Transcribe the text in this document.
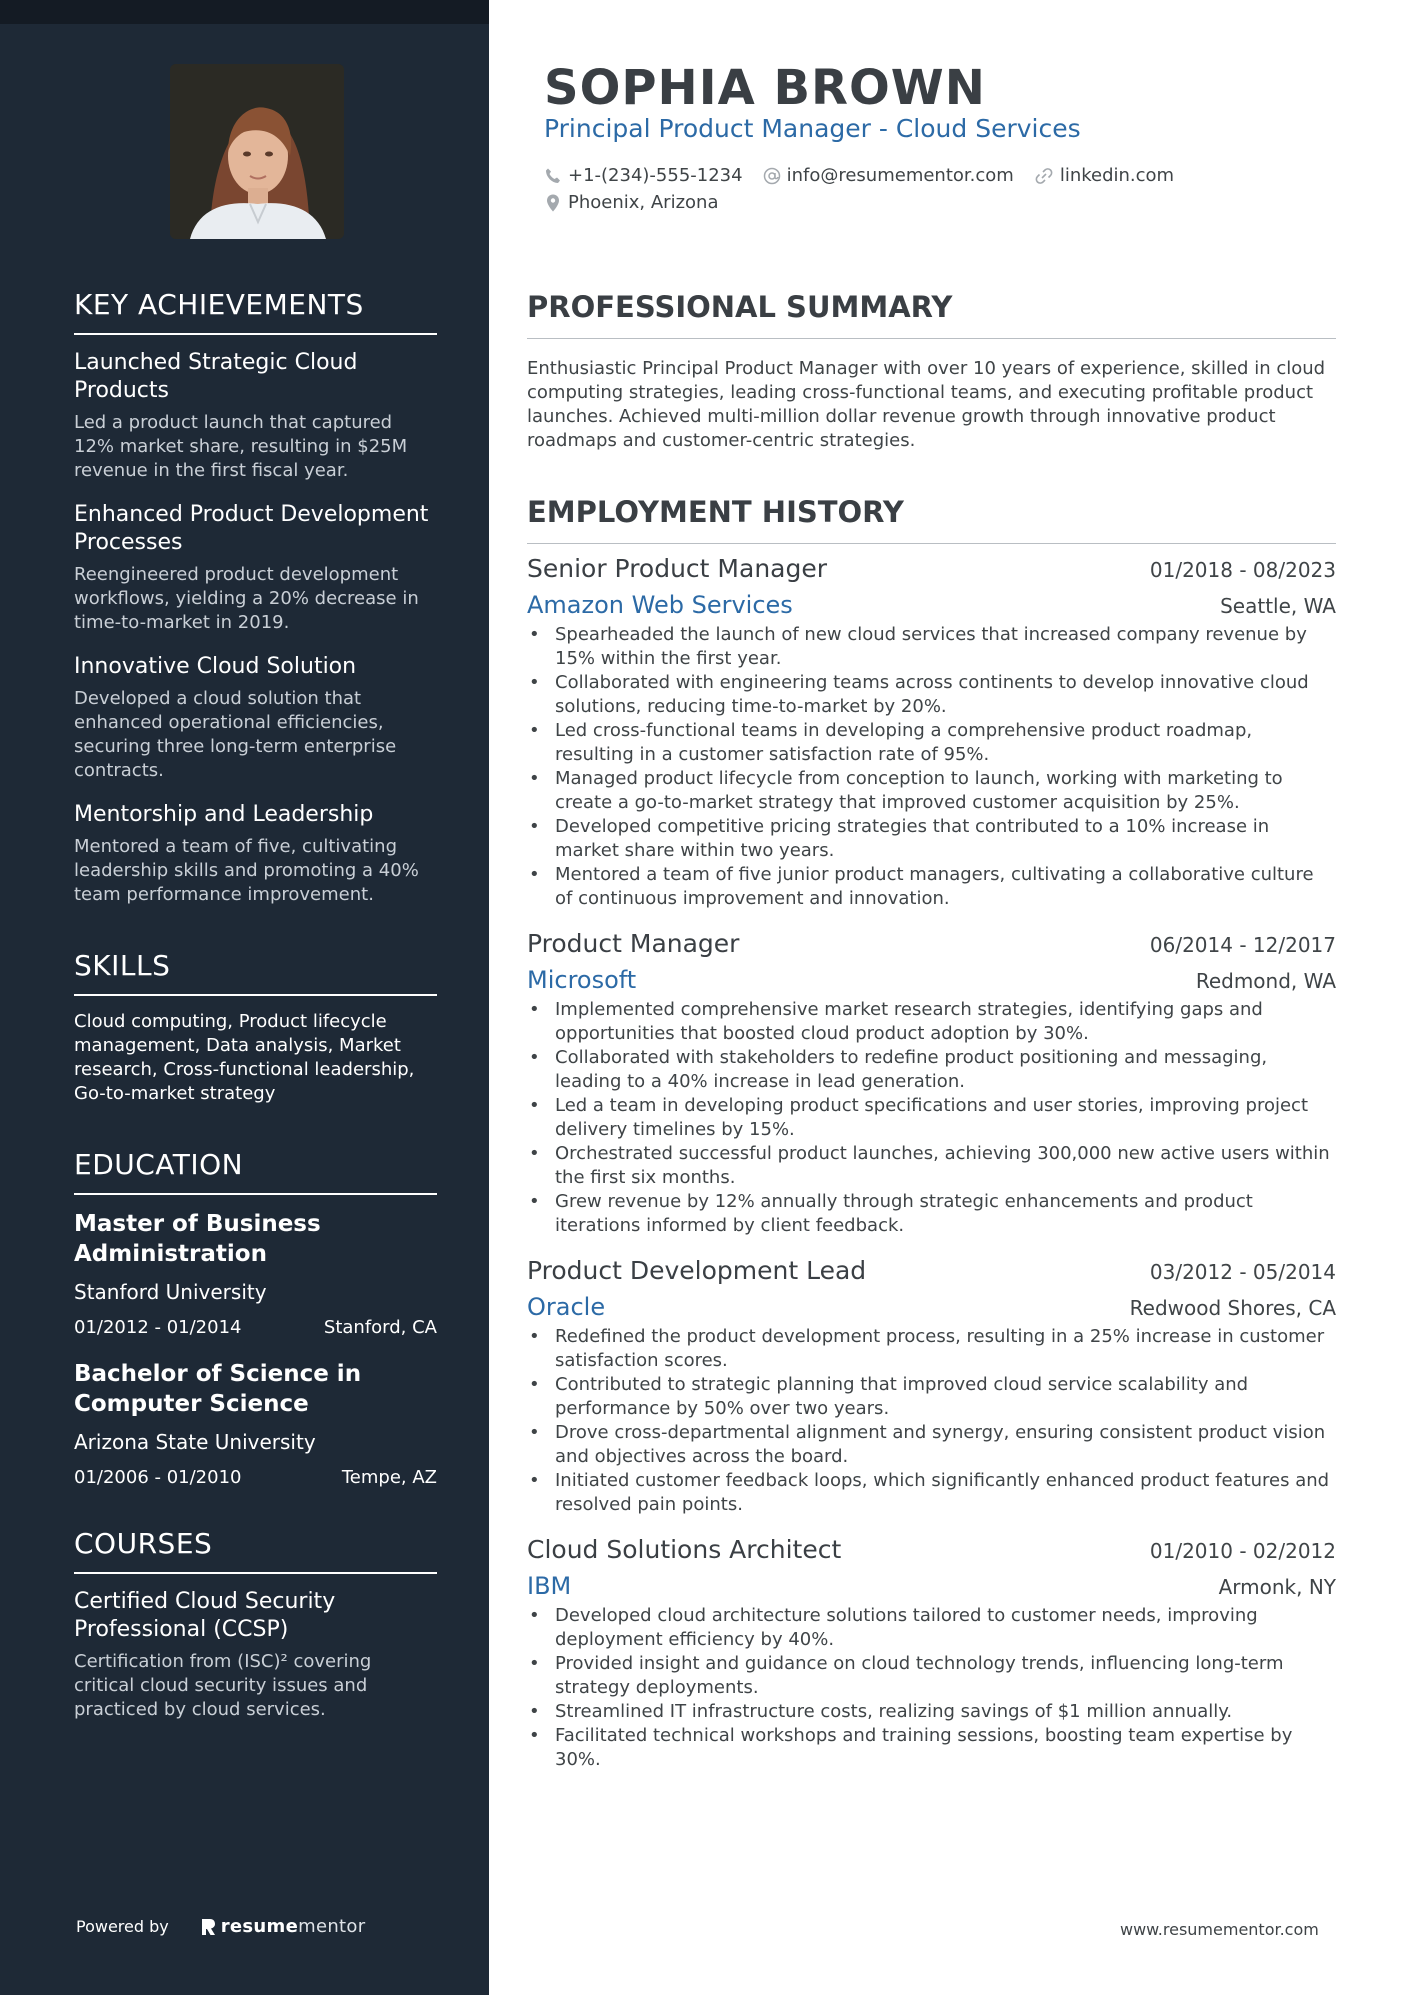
KEY ACHIEVEMENTS
Launched Strategic Cloud Products
Led a product launch that captured 12% market share, resulting in $25M revenue in the first fiscal year.
Enhanced Product Development Processes
Reengineered product development workflows, yielding a 20% decrease in time-to-market in 2019.
Innovative Cloud Solution
Developed a cloud solution that enhanced operational efficiencies, securing three long-term enterprise contracts.
Mentorship and Leadership
Mentored a team of five, cultivating leadership skills and promoting a 40% team performance improvement.
SKILLS
Cloud computing, Product lifecycle management, Data analysis, Market research, Cross-functional leadership, Go-to-market strategy
EDUCATION
Master of Business Administration
Stanford University
01/2012 - 01/2014	Stanford, CA
Bachelor of Science in Computer Science
Arizona State University
01/2006 - 01/2010	Tempe, AZ
COURSES
Certified Cloud Security Professional (CCSP)
Certification from (ISC)² covering critical cloud security issues and practiced by cloud services.
Powered by	resume mentor
SOPHIA BROWN
Principal Product Manager - Cloud Services
+1-(234)-555-1234 info@resumementor.com	linkedin.com
Phoenix, Arizona
PROFESSIONAL SUMMARY

Enthusiastic Principal Product Manager with over 10 years of experience, skilled in cloud computing strategies, leading cross-functional teams, and executing profitable product launches. Achieved multi-million dollar revenue growth through innovative product roadmaps and customer-centric strategies.

EMPLOYMENT HISTORY
Senior Product Manager	01/2018 - 08/2023
Amazon Web Services	Seattle, WA
• Spearheaded the launch of new cloud services that increased company revenue by 15% within the first year.
• Collaborated with engineering teams across continents to develop innovative cloud solutions, reducing time-to-market by 20%.
• Led cross-functional teams in developing a comprehensive product roadmap, resulting in a customer satisfaction rate of 95%.
• Managed product lifecycle from conception to launch, working with marketing to create a go-to-market strategy that improved customer acquisition by 25%.
• Developed competitive pricing strategies that contributed to a 10% increase in market share within two years.
• Mentored a team of five junior product managers, cultivating a collaborative culture of continuous improvement and innovation.
Product Manager	06/2014 - 12/2017
Microsoft	Redmond, WA
• Implemented comprehensive market research strategies, identifying gaps and opportunities that boosted cloud product adoption by 30%.
• Collaborated with stakeholders to redefine product positioning and messaging, leading to a 40% increase in lead generation.
• Led a team in developing product specifications and user stories, improving project delivery timelines by 15%.
• Orchestrated successful product launches, achieving 300,000 new active users within the first six months.
• Grew revenue by 12% annually through strategic enhancements and product iterations informed by client feedback.
Product Development Lead	03/2012 - 05/2014
Oracle	Redwood Shores, CA
• Redefined the product development process, resulting in a 25% increase in customer satisfaction scores.
• Contributed to strategic planning that improved cloud service scalability and performance by 50% over two years.
• Drove cross-departmental alignment and synergy, ensuring consistent product vision and objectives across the board.
• Initiated customer feedback loops, which significantly enhanced product features and resolved pain points.
Cloud Solutions Architect	01/2010 - 02/2012
IBM	Armonk, NY
• Developed cloud architecture solutions tailored to customer needs, improving deployment efficiency by 40%.
• Provided insight and guidance on cloud technology trends, influencing long-term strategy deployments.
• Streamlined IT infrastructure costs, realizing savings of $1 million annually.
• Facilitated technical workshops and training sessions, boosting team expertise by 30%.
www.resumementor.com
